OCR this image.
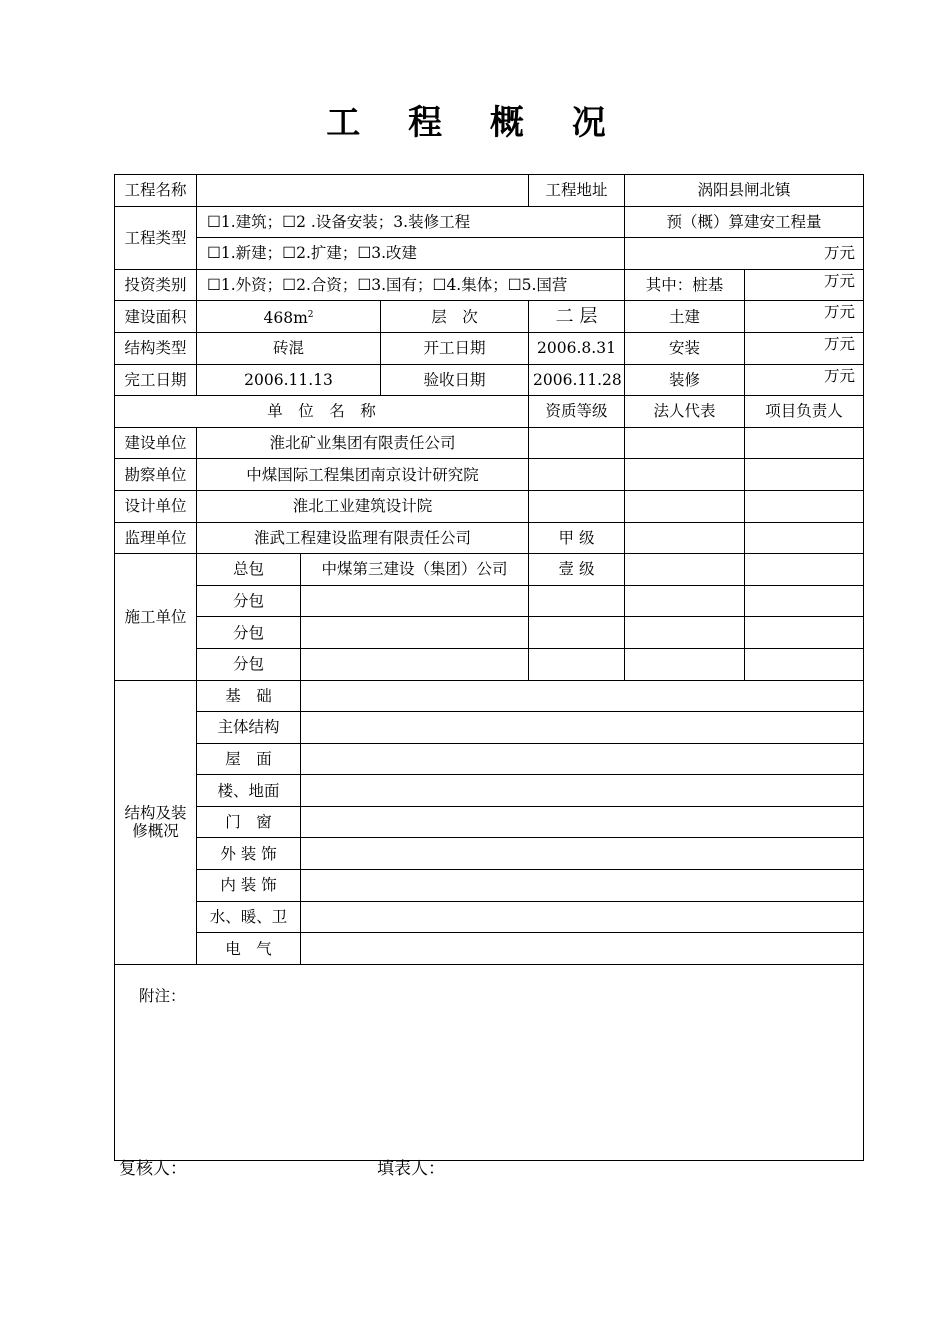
工 程 概 况
工程名称				工程地址	涡阳县闸北镇	
工程类型	☐1.建筑；☐2 .设备安装；3.装修工程				预（概）算建安工程量	
	☐1.新建；☐2.扩建；☐3.改建				万元	
投资类别	☐1.外资；☐2.合资；☐3.国有；☐4.集体；☐5.国营				其中：桩基	万元
建设面积	$468m^2$		层　次	二 层	土建	万元
结构类型	砖混		开工日期	2006.8.31	安装	万元
完工日期	2006.11.13		验收日期	2006.11.28	装修	万元
单　位　名　称				资质等级	法人代表	项目负责人
建设单位	淮北矿业集团有限责任公司					
勘察单位	中煤国际工程集团南京设计研究院					
设计单位	淮北工业建筑设计院					
监理单位	淮武工程建设监理有限责任公司			甲 级		
施工单位	总包	中煤第三建设（集团）公司		壹 级		
	分包					
	分包					
	分包					
结构及装修概况	基　础					
	主体结构					
	屋　面					
	楼、地面					
	门　窗					
	外 装 饰					
	内 装 饰					
	水、暖、卫					
	电　气					
附注：						
复核人：	填表人：
